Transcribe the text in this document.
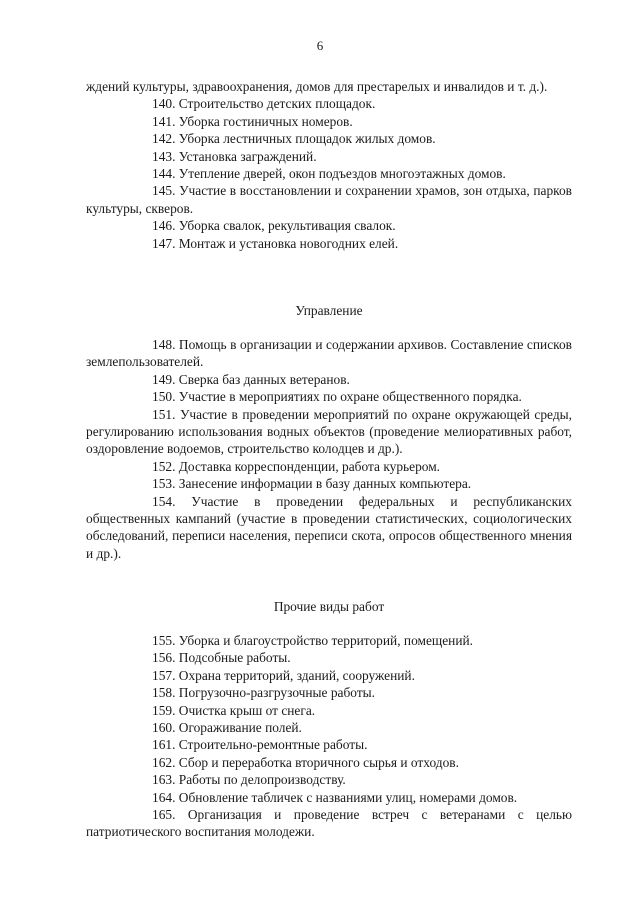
6

ждений культуры, здравоохранения, домов для престарелых и инвалидов и т. д.).

140. Строительство детских площадок.

141. Уборка гостиничных номеров.

142. Уборка лестничных площадок жилых домов.

143. Установка заграждений.

144. Утепление дверей, окон подъездов многоэтажных домов.

145. Участие в восстановлении и сохранении храмов, зон отдыха, парков культуры, скверов.

146. Уборка свалок, рекультивация свалок.

147. Монтаж и установка новогодних елей.

Управление

148. Помощь в организации и содержании архивов. Составление списков землепользователей.

149. Сверка баз данных ветеранов.

150. Участие в мероприятиях по охране общественного порядка.

151. Участие в проведении мероприятий по охране окружающей среды, регулированию использования водных объектов (проведение мелиоративных работ, оздоровление водоемов, строительство колодцев и др.).

152. Доставка корреспонденции, работа курьером.

153. Занесение информации в базу данных компьютера.

154. Участие в проведении федеральных и республиканских общественных кампаний (участие в проведении статистических, социологических обследований, переписи населения, переписи скота, опросов общественного мнения и др.).

Прочие виды работ

155. Уборка и благоустройство территорий, помещений.

156. Подсобные работы.

157. Охрана территорий, зданий, сооружений.

158. Погрузочно-разгрузочные работы.

159. Очистка крыш от снега.

160. Огораживание полей.

161. Строительно-ремонтные работы.

162. Сбор и переработка вторичного сырья и отходов.

163. Работы по делопроизводству.

164. Обновление табличек с названиями улиц, номерами домов.

165. Организация и проведение встреч с ветеранами с целью патриотического воспитания молодежи.
